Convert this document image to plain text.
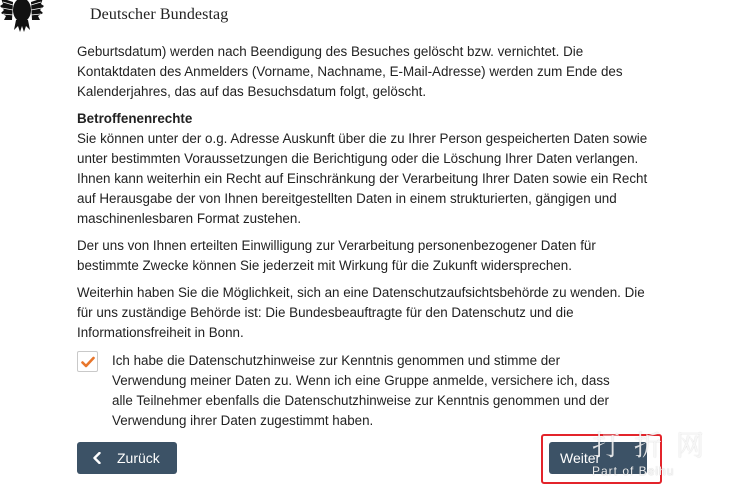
Deutscher Bundestag

Geburtsdatum) werden nach Beendigung des Besuches gelöscht bzw. vernichtet. Die Kontaktdaten des Anmelders (Vorname, Nachname, E-Mail-Adresse) werden zum Ende des Kalenderjahres, das auf das Besuchsdatum folgt, gelöscht.

Betroffenenrechte

Sie können unter der o.g. Adresse Auskunft über die zu Ihrer Person gespeicherten Daten sowie unter bestimmten Voraussetzungen die Berichtigung oder die Löschung Ihrer Daten verlangen. Ihnen kann weiterhin ein Recht auf Einschränkung der Verarbeitung Ihrer Daten sowie ein Recht auf Herausgabe der von Ihnen bereitgestellten Daten in einem strukturierten, gängigen und maschinenlesbaren Format zustehen.

Der uns von Ihnen erteilten Einwilligung zur Verarbeitung personenbezogener Daten für bestimmte Zwecke können Sie jederzeit mit Wirkung für die Zukunft widersprechen.

Weiterhin haben Sie die Möglichkeit, sich an eine Datenschutzaufsichtsbehörde zu wenden. Die für uns zuständige Behörde ist: Die Bundesbeauftragte für den Datenschutz und die Informationsfreiheit in Bonn.

Ich habe die Datenschutzhinweise zur Kenntnis genommen und stimme der Verwendung meiner Daten zu. Wenn ich eine Gruppe anmelde, versichere ich, dass alle Teilnehmer ebenfalls die Datenschutzhinweise zur Kenntnis genommen und der Verwendung ihrer Daten zugestimmt haben.
Zurück	Weiter
打折网
Part of Beihu
